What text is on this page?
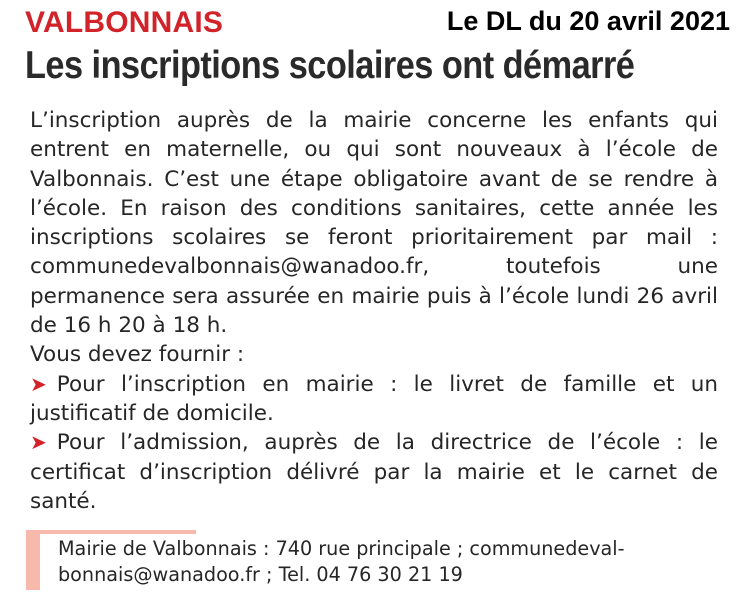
VALBONNAIS	Le DL du 20 avril 2021
Les inscriptions scolaires ont démarré

L’inscription auprès de la mairie concerne les enfants qui entrent en maternelle, ou qui sont nouveaux à l’école de Valbonnais. C’est une étape obligatoire avant de se rendre à l’école. En raison des conditions sanitaires, cette année les inscriptions scolaires se feront prioritairement par mail : communedevalbonnais@wanadoo.fr, toutefois une permanence sera assurée en mairie puis à l’école lundi 26 avril de 16 h 20 à 18 h.

Vous devez fournir :

➤ Pour l’inscription en mairie : le livret de famille et un justificatif de domicile.

➤ Pour l’admission, auprès de la directrice de l’école : le certificat d’inscription délivré par la mairie et le carnet de santé.

Mairie de Valbonnais : 740 rue principale ; communedeval-
bonnais@wanadoo.fr ; Tel. 04 76 30 21 19
